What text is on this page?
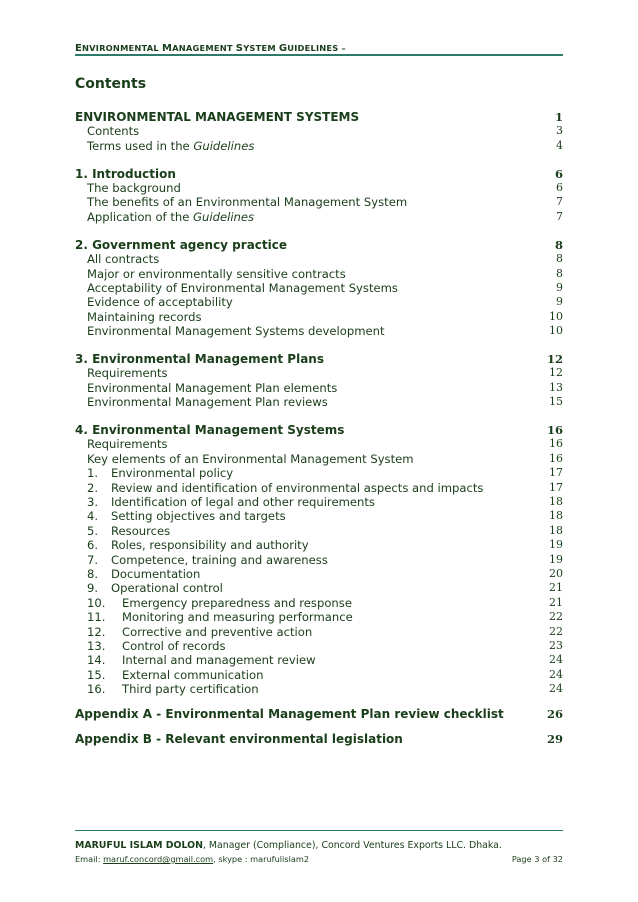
ENVIRONMENTAL MANAGEMENT SYSTEM GUIDELINES –
Contents
ENVIRONMENTAL MANAGEMENT SYSTEMS	1
Contents	3
Terms used in the Guidelines	4
1. Introduction	6
The background	6
The benefits of an Environmental Management System	7
Application of the Guidelines	7
2. Government agency practice	8
All contracts	8
Major or environmentally sensitive contracts	8
Acceptability of Environmental Management Systems	9
Evidence of acceptability	9
Maintaining records	10
Environmental Management Systems development	10
3. Environmental Management Plans	12
Requirements	12
Environmental Management Plan elements	13
Environmental Management Plan reviews	15
4. Environmental Management Systems	16
Requirements	16
Key elements of an Environmental Management System	16
1. Environmental policy	17
2. Review and identification of environmental aspects and impacts	17
3. Identification of legal and other requirements	18
4. Setting objectives and targets	18
5. Resources	18
6. Roles, responsibility and authority	19
7. Competence, training and awareness	19
8. Documentation	20
9. Operational control	21
10. Emergency preparedness and response	21
11. Monitoring and measuring performance	22
12. Corrective and preventive action	22
13. Control of records	23
14. Internal and management review	24
15. External communication	24
16. Third party certification	24
Appendix A - Environmental Management Plan review checklist	26
Appendix B - Relevant environmental legislation	29
MARUFUL ISLAM DOLON, Manager (Compliance), Concord Ventures Exports LLC. Dhaka.
Email: maruf.concord@gmail.com, skype : marufulislam2	Page 3 of 32
